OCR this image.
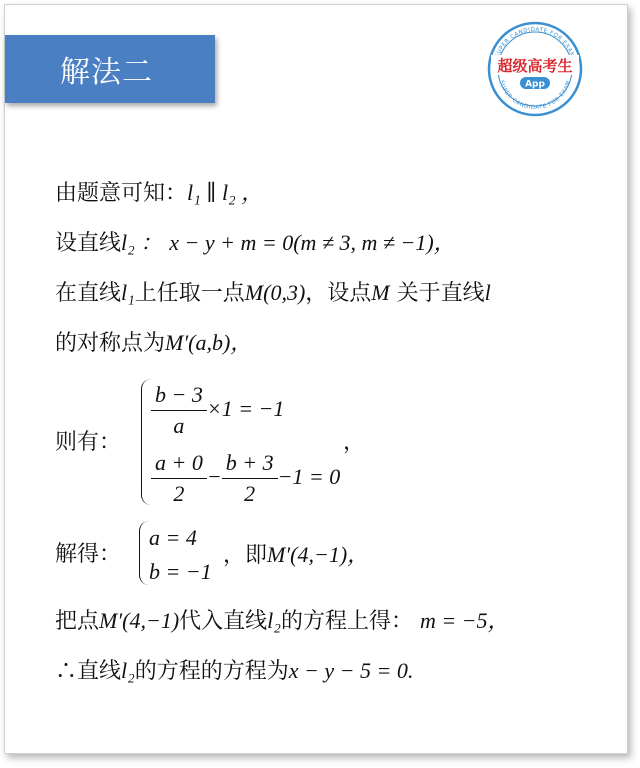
解法二
UPER CANDIDATE FOR EXA
SUPER CANDIDATE FOR EXAM
超级高考生
App
由题意可知：l₁ ∥ l₂ ，
设直线l₂ ： x − y + m = 0(m ≠ 3, m ≠ −1)，
在直线l₁上任取一点M(0,3)，设点M 关于直线l
的对称点为M′(a,b)，
则有：
$\frac{b - 3}{a} \times 1 = -1$
$\frac{a + 0}{2} - \frac{b + 3}{2} -1 = 0$
，
解得：
a = 4
b = −1
，即M′(4,−1)，
把点M′(4,−1)代入直线l₂的方程上得： m = −5，
∴直线l₂的方程的方程为x − y − 5 = 0.
